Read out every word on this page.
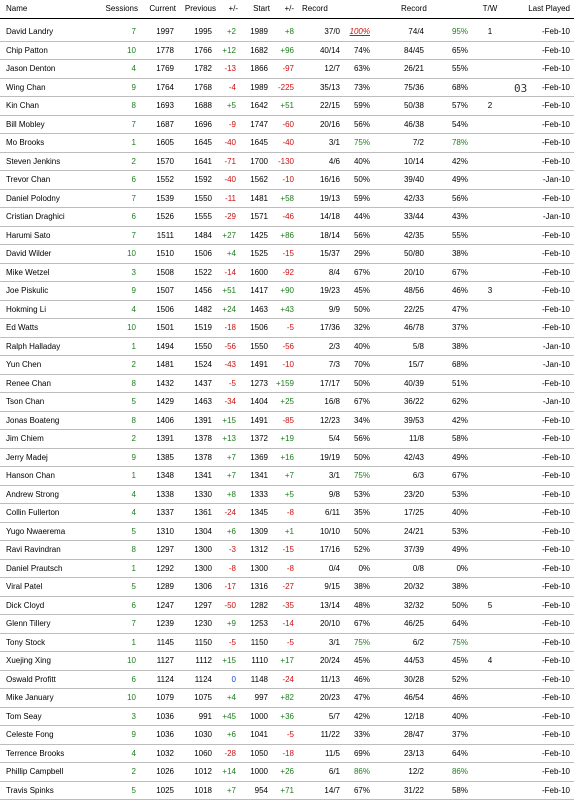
Name	Sessions	Current	Previous	+/-	Start	+/- Record	Record	T/W	Last Played
David Landry	7	1997	1995	+2	1989	+8	37/0	100%	74/4	95%	1	-Feb-10
Chip Patton	10	1778	1766	+12	1682	+96	40/14	74%	84/45	65%	-Feb-10
Jason Denton	4	1769	1782	-13	1866	-97	12/7	63%	26/21	55%	-Feb-10
Wing Chan	9	1764	1768	-4	1989	-225	35/13	73%	75/36	68%	-Feb-10
Kin Chan	8	1693	1688	+5	1642	+51	22/15	59%	50/38	57%	2	-Feb-10
Bill Mobley	7	1687	1696	-9	1747	-60	20/16	56%	46/38	54%	-Feb-10
Mo Brooks	1	1605	1645	-40	1645	-40	3/1	75%	7/2	78%	-Feb-10
Steven Jenkins	2	1570	1641	-71	1700	-130	4/6	40%	10/14	42%	-Feb-10
Trevor Chan	6	1552	1592	-40	1562	-10	16/16	50%	39/40	49%	-Jan-10
Daniel Polodny	7	1539	1550	-11	1481	+58	19/13	59%	42/33	56%	-Feb-10
Cristian Draghici	6	1526	1555	-29	1571	-46	14/18	44%	33/44	43%	-Jan-10
Harumi Sato	7	1511	1484	+27	1425	+86	18/14	56%	42/35	55%	-Feb-10
David Wilder	10	1510	1506	+4	1525	-15	15/37	29%	50/80	38%	-Feb-10
Mike Wetzel	3	1508	1522	-14	1600	-92	8/4	67%	20/10	67%	-Feb-10
Joe Piskulic	9	1507	1456	+51	1417	+90	19/23	45%	48/56	46%	3	-Feb-10
Hokming Li	4	1506	1482	+24	1463	+43	9/9	50%	22/25	47%	-Feb-10
Ed Watts	10	1501	1519	-18	1506	-5	17/36	32%	46/78	37%	-Feb-10
Ralph Halladay	1	1494	1550	-56	1550	-56	2/3	40%	5/8	38%	-Jan-10
Yun Chen	2	1481	1524	-43	1491	-10	7/3	70%	15/7	68%	-Jan-10
Renee Chan	8	1432	1437	-5	1273 +159	17/17	50%	40/39	51%	-Feb-10
Tson Chan	5	1429	1463	-34	1404	+25	16/8	67%	36/22	62%	-Jan-10
Jonas Boateng	8	1406	1391	+15	1491	-85	12/23	34%	39/53	42%	-Feb-10
Jim Chiem	2	1391	1378	+13	1372	+19	5/4	56%	11/8	58%	-Feb-10
Jerry Madej	9	1385	1378	+7	1369	+16	19/19	50%	42/43	49%	-Feb-10
Hanson Chan	1	1348	1341	+7	1341	+7	3/1	75%	6/3	67%	-Feb-10
Andrew Strong	4	1338	1330	+8	1333	+5	9/8	53%	23/20	53%	-Feb-10
Collin Fullerton	4	1337	1361	-24	1345	-8	6/11	35%	17/25	40%	-Feb-10
Yugo Nwaerema	5	1310	1304	+6	1309	+1	10/10	50%	24/21	53%	-Feb-10
Ravi Ravindran	8	1297	1300	-3	1312	-15	17/16	52%	37/39	49%	-Feb-10
Daniel Prautsch	1	1292	1300	-8	1300	-8	0/4	0%	0/8	0%	-Feb-10
Viral Patel	5	1289	1306	-17	1316	-27	9/15	38%	20/32	38%	-Feb-10
Dick Cloyd	6	1247	1297	-50	1282	-35	13/14	48%	32/32	50%	5	-Feb-10
Glenn Tillery	7	1239	1230	+9	1253	-14	20/10	67%	46/25	64%	-Feb-10
Tony Stock	1	1145	1150	-5	1150	-5	3/1	75%	6/2	75%	-Feb-10
Xuejing Xing	10	1127	1112	+15	1110	+17	20/24	45%	44/53	45%	4	-Feb-10
Oswald Profitt	6	1124	1124	0	1148	-24	11/13	46%	30/28	52%	-Feb-10
Mike January	10	1079	1075	+4	997	+82	20/23	47%	46/54	46%	-Feb-10
Tom Seay	3	1036	991	+45	1000	+36	5/7	42%	12/18	40%	-Feb-10
Celeste Fong	9	1036	1030	+6	1041	-5	11/22	33%	28/47	37%	-Feb-10
Terrence Brooks	4	1032	1060	-28	1050	-18	11/5	69%	23/13	64%	-Feb-10
Phillip Campbell	2	1026	1012	+14	1000	+26	6/1	86%	12/2	86%	-Feb-10
Travis Spinks	5	1025	1018	+7	954	+71	14/7	67%	31/22	58%	-Feb-10
03
